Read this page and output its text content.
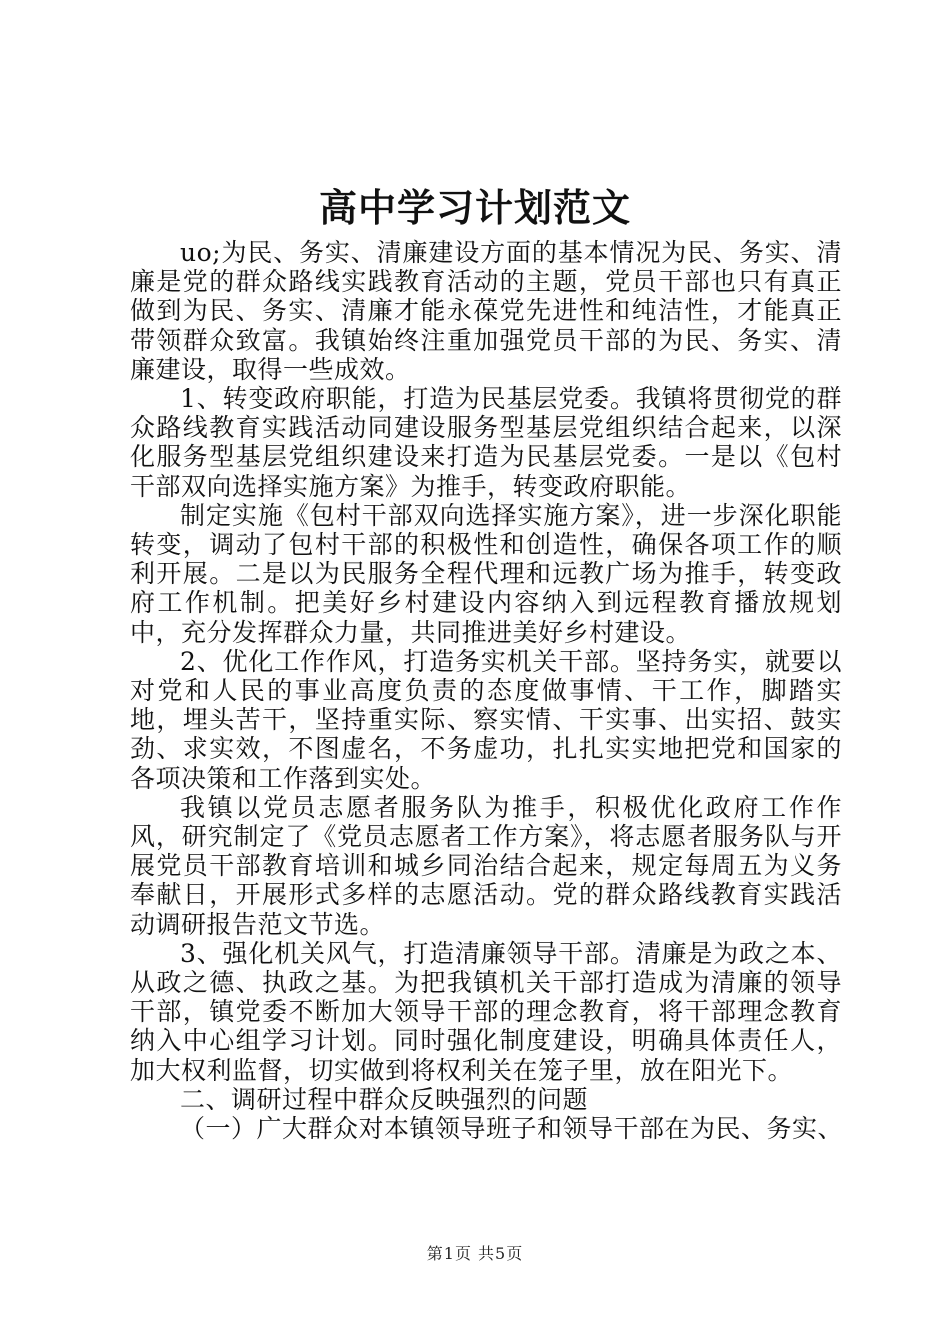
高中学习计划范文

uo;为民、务实、清廉建设方面的基本情况为民、务实、清廉是党的群众路线实践教育活动的主题，党员干部也只有真正做到为民、务实、清廉才能永葆党先进性和纯洁性，才能真正带领群众致富。我镇始终注重加强党员干部的为民、务实、清廉建设，取得一些成效。

1、转变政府职能，打造为民基层党委。我镇将贯彻党的群众路线教育实践活动同建设服务型基层党组织结合起来，以深化服务型基层党组织建设来打造为民基层党委。一是以《包村干部双向选择实施方案》为推手，转变政府职能。

制定实施《包村干部双向选择实施方案》，进一步深化职能转变，调动了包村干部的积极性和创造性，确保各项工作的顺利开展。二是以为民服务全程代理和远教广场为推手，转变政府工作机制。把美好乡村建设内容纳入到远程教育播放规划中，充分发挥群众力量，共同推进美好乡村建设。

2、优化工作作风，打造务实机关干部。坚持务实，就要以对党和人民的事业高度负责的态度做事情、干工作，脚踏实地，埋头苦干，坚持重实际、察实情、干实事、出实招、鼓实劲、求实效，不图虚名，不务虚功，扎扎实实地把党和国家的各项决策和工作落到实处。

我镇以党员志愿者服务队为推手，积极优化政府工作作风，研究制定了《党员志愿者工作方案》，将志愿者服务队与开展党员干部教育培训和城乡同治结合起来，规定每周五为义务奉献日，开展形式多样的志愿活动。党的群众路线教育实践活动调研报告范文节选。

3、强化机关风气，打造清廉领导干部。清廉是为政之本、从政之德、执政之基。为把我镇机关干部打造成为清廉的领导干部，镇党委不断加大领导干部的理念教育，将干部理念教育纳入中心组学习计划。同时强化制度建设，明确具体责任人，加大权利监督，切实做到将权利关在笼子里，放在阳光下。

二、调研过程中群众反映强烈的问题

（一）广大群众对本镇领导班子和领导干部在为民、务实、

第1页 共5页
